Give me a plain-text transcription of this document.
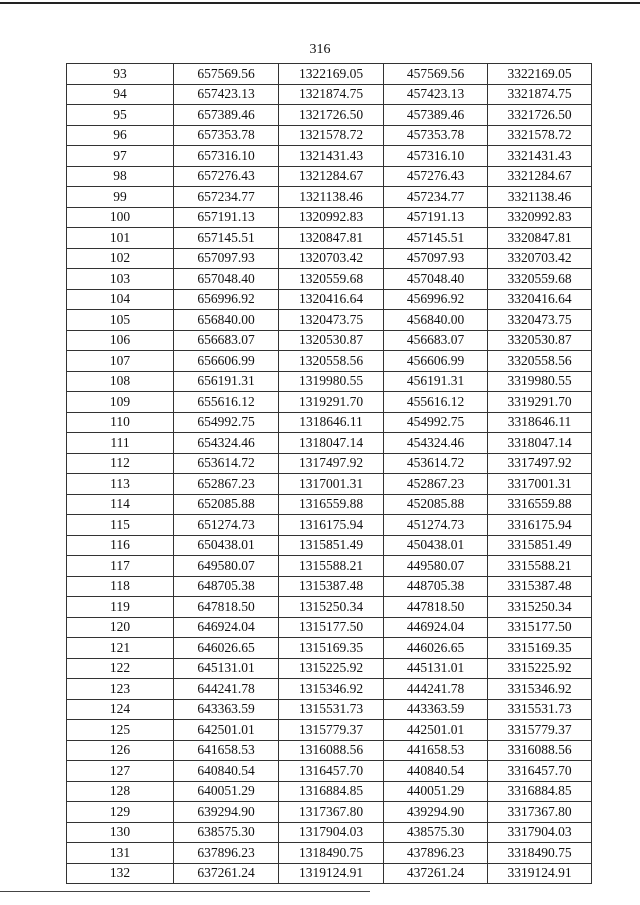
316
93	657569.56	1322169.05	457569.56	3322169.05
94	657423.13	1321874.75	457423.13	3321874.75
95	657389.46	1321726.50	457389.46	3321726.50
96	657353.78	1321578.72	457353.78	3321578.72
97	657316.10	1321431.43	457316.10	3321431.43
98	657276.43	1321284.67	457276.43	3321284.67
99	657234.77	1321138.46	457234.77	3321138.46
100	657191.13	1320992.83	457191.13	3320992.83
101	657145.51	1320847.81	457145.51	3320847.81
102	657097.93	1320703.42	457097.93	3320703.42
103	657048.40	1320559.68	457048.40	3320559.68
104	656996.92	1320416.64	456996.92	3320416.64
105	656840.00	1320473.75	456840.00	3320473.75
106	656683.07	1320530.87	456683.07	3320530.87
107	656606.99	1320558.56	456606.99	3320558.56
108	656191.31	1319980.55	456191.31	3319980.55
109	655616.12	1319291.70	455616.12	3319291.70
110	654992.75	1318646.11	454992.75	3318646.11
111	654324.46	1318047.14	454324.46	3318047.14
112	653614.72	1317497.92	453614.72	3317497.92
113	652867.23	1317001.31	452867.23	3317001.31
114	652085.88	1316559.88	452085.88	3316559.88
115	651274.73	1316175.94	451274.73	3316175.94
116	650438.01	1315851.49	450438.01	3315851.49
117	649580.07	1315588.21	449580.07	3315588.21
118	648705.38	1315387.48	448705.38	3315387.48
119	647818.50	1315250.34	447818.50	3315250.34
120	646924.04	1315177.50	446924.04	3315177.50
121	646026.65	1315169.35	446026.65	3315169.35
122	645131.01	1315225.92	445131.01	3315225.92
123	644241.78	1315346.92	444241.78	3315346.92
124	643363.59	1315531.73	443363.59	3315531.73
125	642501.01	1315779.37	442501.01	3315779.37
126	641658.53	1316088.56	441658.53	3316088.56
127	640840.54	1316457.70	440840.54	3316457.70
128	640051.29	1316884.85	440051.29	3316884.85
129	639294.90	1317367.80	439294.90	3317367.80
130	638575.30	1317904.03	438575.30	3317904.03
131	637896.23	1318490.75	437896.23	3318490.75
132	637261.24	1319124.91	437261.24	3319124.91
